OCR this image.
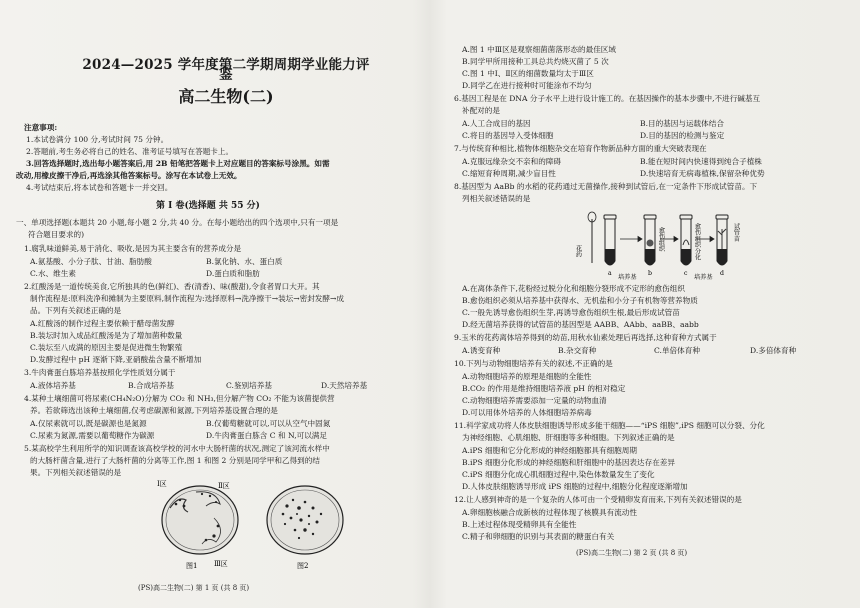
2024—2025 学年度第二学期周期学业能力评鉴
高二生物(二)
注意事项:
1.本试卷满分 100 分,考试时间 75 分钟。
2.答题前,考生务必将自己的姓名、准考证号填写在答题卡上。
3.回答选择题时,选出每小题答案后,用 2B 铅笔把答题卡上对应题目的答案标号涂黑。如需
改动,用橡皮擦干净后,再选涂其他答案标号。涂写在本试卷上无效。
4.考试结束后,将本试卷和答题卡一并交回。
第 Ⅰ 卷(选择题 共 55 分)
一、单项选择题(本题共 20 小题,每小题 2 分,共 40 分。在每小题给出的四个选项中,只有一项是
符合题目要求的)
1.腐乳味道鲜美,易于消化、吸收,是因为其主要含有的营养成分是
A.氨基酸、小分子肽、甘油、脂肪酸	B.氯化钠、水、蛋白质
C.水、维生素	D.蛋白质和脂肪
2.红酸汤是一道传统美食,它所独具的色(鲜红)、香(清香)、味(酸甜),令食者胃口大开。其
制作流程是:原料洗净和摊制为主要原料,制作流程为:选择原料→洗净擦干→装坛→密封发酵→成
品。下列有关叙述正确的是
A.红酸汤的制作过程主要依赖于醋母菌发酵
B.装坛时加入成品红酸汤是为了增加菌种数量
C.装坛至八成满的原因主要是促进微生物繁殖
D.发酵过程中 pH 逐渐下降,亚硝酸盐含量不断增加
3.牛肉膏蛋白胨培养基按照化学性质划分属于
A.液体培养基	B.合成培养基	C.鉴别培养基	D.天然培养基
4.某种土壤细菌可将尿素(CH₄N₂O)分解为 CO₂ 和 NH₃,但分解产物 CO₂ 不能为该菌提供营
养。若欲筛选出该种土壤细菌,仅考虑碳源和氮源,下列培养基设置合理的是
A.仅尿素就可以,既是碳源也是氮源	B.仅葡萄糖就可以,可以从空气中固氮
C.尿素为氮源,需要以葡萄糖作为碳源	D.牛肉膏蛋白胨含 C 和 N,可以满足
5.某高校学生利用所学的知识调查该高校学校的河水中大肠杆菌的状况,测定了该河流水样中
的大肠杆菌含量,进行了大肠杆菌的分离等工作,图 1 和图 2 分别是同学甲和乙得到的结
果。下列相关叙述错误的是
Ⅰ区	Ⅱ区
Ⅲ区
图1	图2
(PS)高二生物(二) 第 1 页 (共 8 页)
A.图 1 中Ⅲ区是观察细菌菌落形态的最佳区域
B.同学甲所用接种工具总共灼烧灭菌了 5 次
C.图 1 中Ⅰ、Ⅱ区的细菌数量均太于Ⅲ区
D.同学乙在进行接种时可能涂布不均匀
6.基因工程是在 DNA 分子水平上进行设计施工的。在基因操作的基本步骤中,不进行碱基互
补配对的是
A.人工合成目的基因	B.目的基因与运载体结合
C.将目的基因导入受体细胞	D.目的基因的检测与鉴定
7.与传统育种相比,植物体细胞杂交在培育作物新品种方面的重大突破表现在
A.克服远缘杂交不亲和的障碍	B.能在短时间内快速得到纯合子植株
C.缩短育种周期,减少盲目性	D.快速培育无病毒植株,保留杂种优势
8.基因型为 AaBb 的水稻的花药通过无菌操作,接种到试管后,在一定条件下形成试管苗。下
列相关叙述错误的是
花药	愈伤组织	愈伤组织分化	试管苗
培养基	培养基
a	b	c	d
A.在离体条件下,花粉经过脱分化和细胞分裂形成不定形的愈伤组织
B.愈伤组织必须从培养基中获得水、无机盐和小分子有机物等营养物质
C.一般先诱导愈伤组织生芽,再诱导愈伤组织生根,最后形成试管苗
D.经无菌培养获得的试管苗的基因型是 AABB、AAbb、aaBB、aabb
9.玉米的花药离体培养得到的幼苗,用秋水仙素处理后再选择,这种育种方式属于
A.诱变育种	B.杂交育种	C.单倍体育种	D.多倍体育种
10.下列与动物细胞培养有关的叙述,不正确的是
A.动物细胞培养的原理是细胞的全能性
B.CO₂ 的作用是维持细胞培养液 pH 的相对稳定
C.动物细胞培养需要添加一定量的动物血清
D.可以用体外培养的人体细胞培养病毒
11.科学家成功将人体皮肤细胞诱导形成多能干细胞——“iPS 细胞”,iPS 细胞可以分裂、分化
为神经细胞、心肌细胞、肝细胞等多种细胞。下列叙述正确的是
A.iPS 细胞和它分化形成的神经细胞都具有细胞周期
B.iPS 细胞分化形成的神经细胞和肝细胞中的基因表达存在差异
C.iPS 细胞分化成心肌细胞过程中,染色体数量发生了变化
D.人体皮肤细胞诱导形成 iPS 细胞的过程中,细胞分化程度逐渐增加
12.让人感到神奇的是一个复杂的人体可由一个受精卵发育而来,下列有关叙述错误的是
A.卵细胞核融合成新核的过程体现了核膜具有流动性
B.上述过程体现受精卵具有全能性
C.精子和卵细胞的识别与其表面的糖蛋白有关
(PS)高二生物(二) 第 2 页 (共 8 页)
